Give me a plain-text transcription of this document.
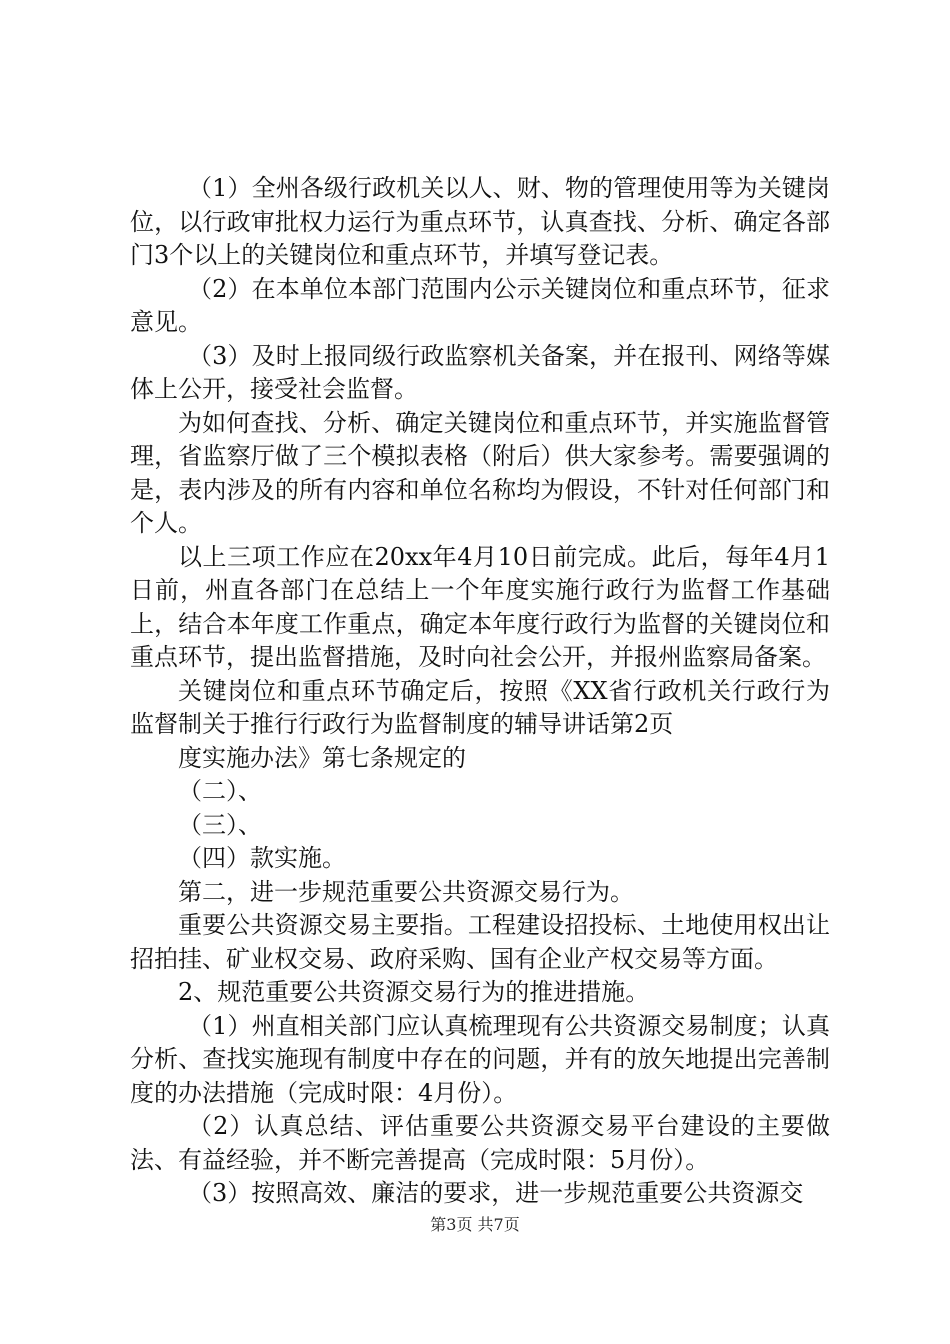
（1）全州各级行政机关以人、财、物的管理使用等为关键岗位，以行政审批权力运行为重点环节，认真查找、分析、确定各部门3个以上的关键岗位和重点环节，并填写登记表。

（2）在本单位本部门范围内公示关键岗位和重点环节，征求意见。

（3）及时上报同级行政监察机关备案，并在报刊、网络等媒体上公开，接受社会监督。

为如何查找、分析、确定关键岗位和重点环节，并实施监督管理，省监察厅做了三个模拟表格（附后）供大家参考。需要强调的是，表内涉及的所有内容和单位名称均为假设，不针对任何部门和个人。

以上三项工作应在20xx年4月10日前完成。此后，每年4月1日前，州直各部门在总结上一个年度实施行政行为监督工作基础上，结合本年度工作重点，确定本年度行政行为监督的关键岗位和重点环节，提出监督措施，及时向社会公开，并报州监察局备案。

关键岗位和重点环节确定后，按照《XX省行政机关行政行为监督制关于推行行政行为监督制度的辅导讲话第2页

度实施办法》第七条规定的

（二）、

（三）、

（四）款实施。

第二，进一步规范重要公共资源交易行为。

重要公共资源交易主要指。工程建设招投标、土地使用权出让招拍挂、矿业权交易、政府采购、国有企业产权交易等方面。

2、规范重要公共资源交易行为的推进措施。

（1）州直相关部门应认真梳理现有公共资源交易制度；认真分析、查找实施现有制度中存在的问题，并有的放矢地提出完善制度的办法措施（完成时限：4月份）。

（2）认真总结、评估重要公共资源交易平台建设的主要做法、有益经验，并不断完善提高（完成时限：5月份）。

（3）按照高效、廉洁的要求，进一步规范重要公共资源交

第3页 共7页
